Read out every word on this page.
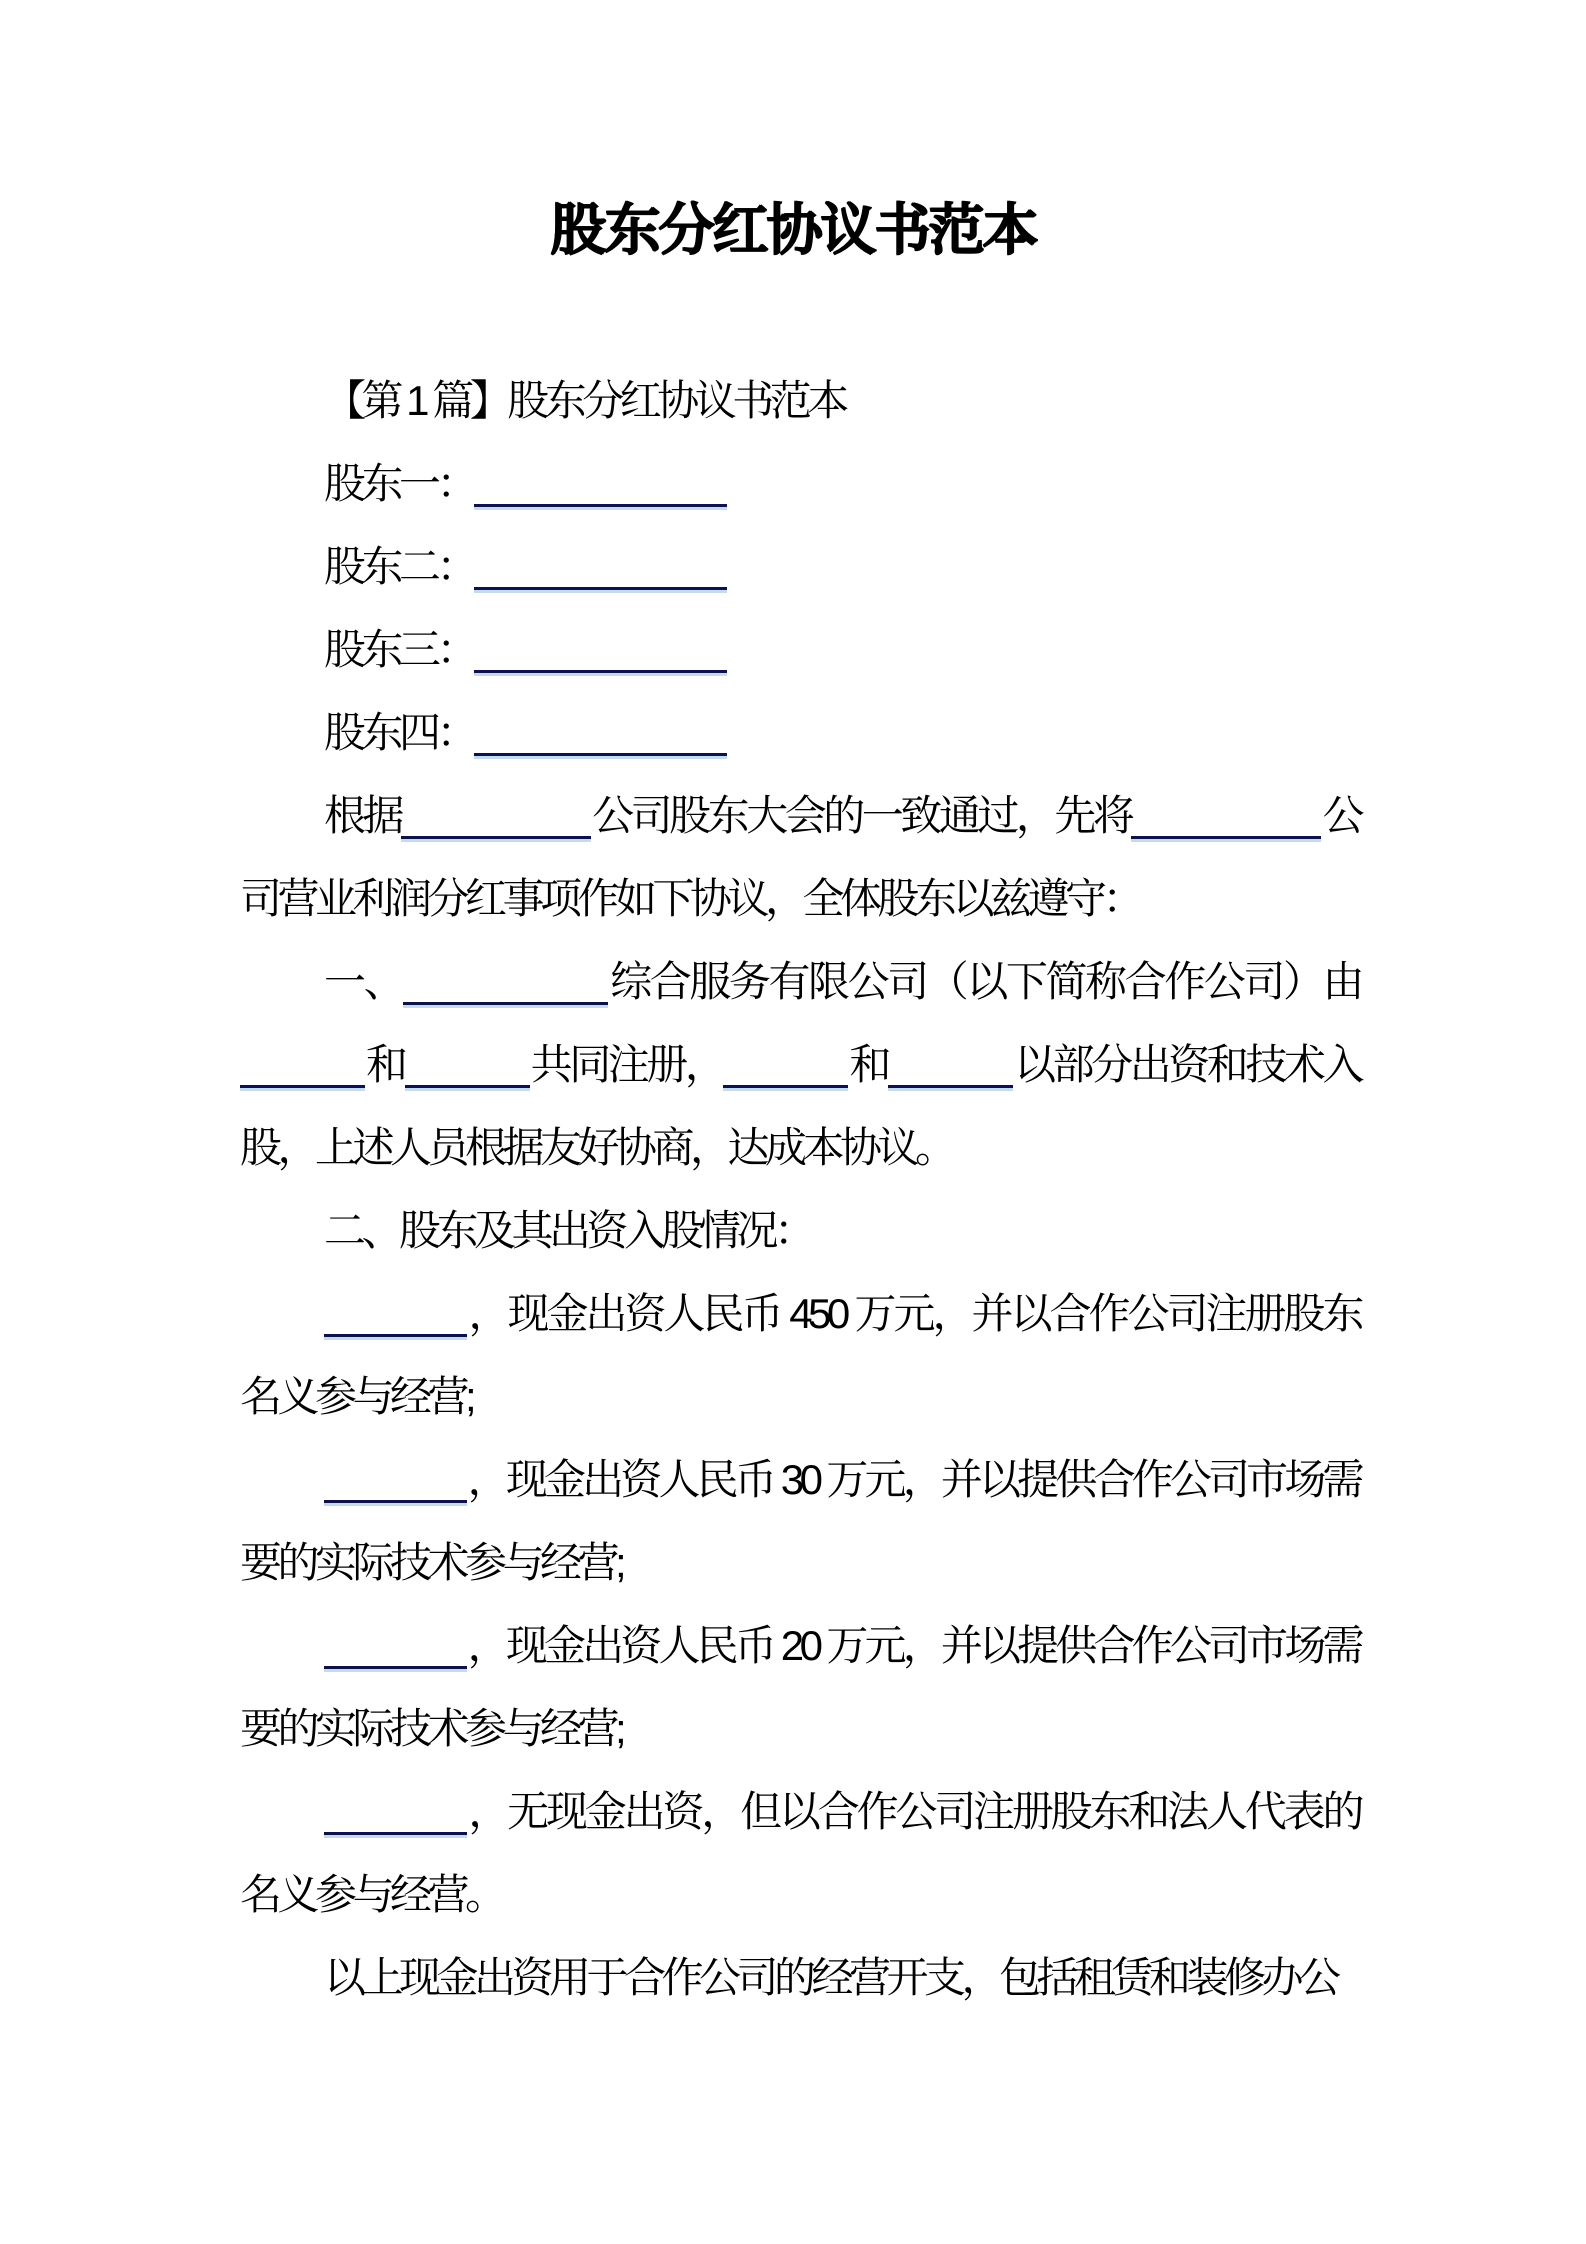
股东分红协议书范本

【第 1 篇】股东分红协议书范本

股东一：

股东二：

股东三：

股东四：

根据	公司股东大会的一致通过，先将	公司营业利润分红事项作如下协议，全体股东以兹遵守：

一、	综合服务有限公司（以下简称合作公司）由和	共同注册，	和	以部分出资和技术入股，上述人员根据友好协商，达成本协议。

二、股东及其出资入股情况：

，现金出资人民币 450 万元，并以合作公司注册股东名义参与经营;

，现金出资人民币 30 万元，并以提供合作公司市场需要的实际技术参与经营;

，现金出资人民币 20 万元，并以提供合作公司市场需要的实际技术参与经营;

，无现金出资，但以合作公司注册股东和法人代表的名义参与经营。

以上现金出资用于合作公司的经营开支，包括租赁和装修办公
